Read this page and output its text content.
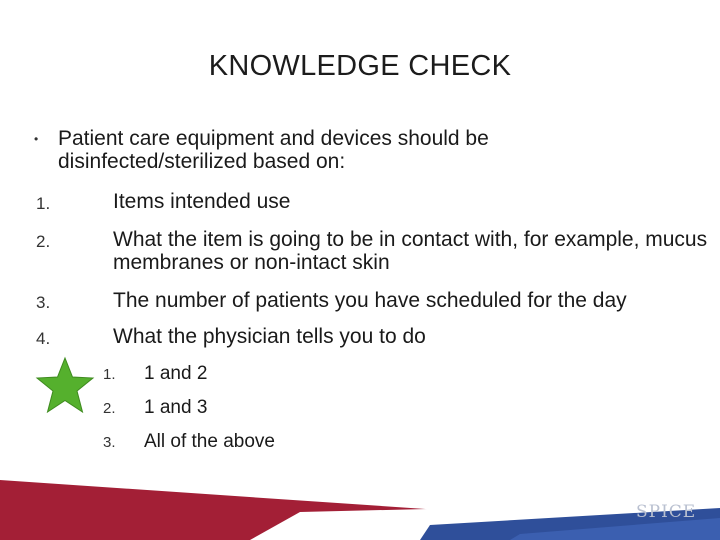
KNOWLEDGE CHECK
• Patient care equipment and devices should be disinfected/sterilized based on:
1.	Items intended use
2.	What the item is going to be in contact with, for example, mucus membranes or non-intact skin
3.	The number of patients you have scheduled for the day
4.	What the physician tells you to do
1. 1 and 2
2. 1 and 3
3. All of the above
SPICE
